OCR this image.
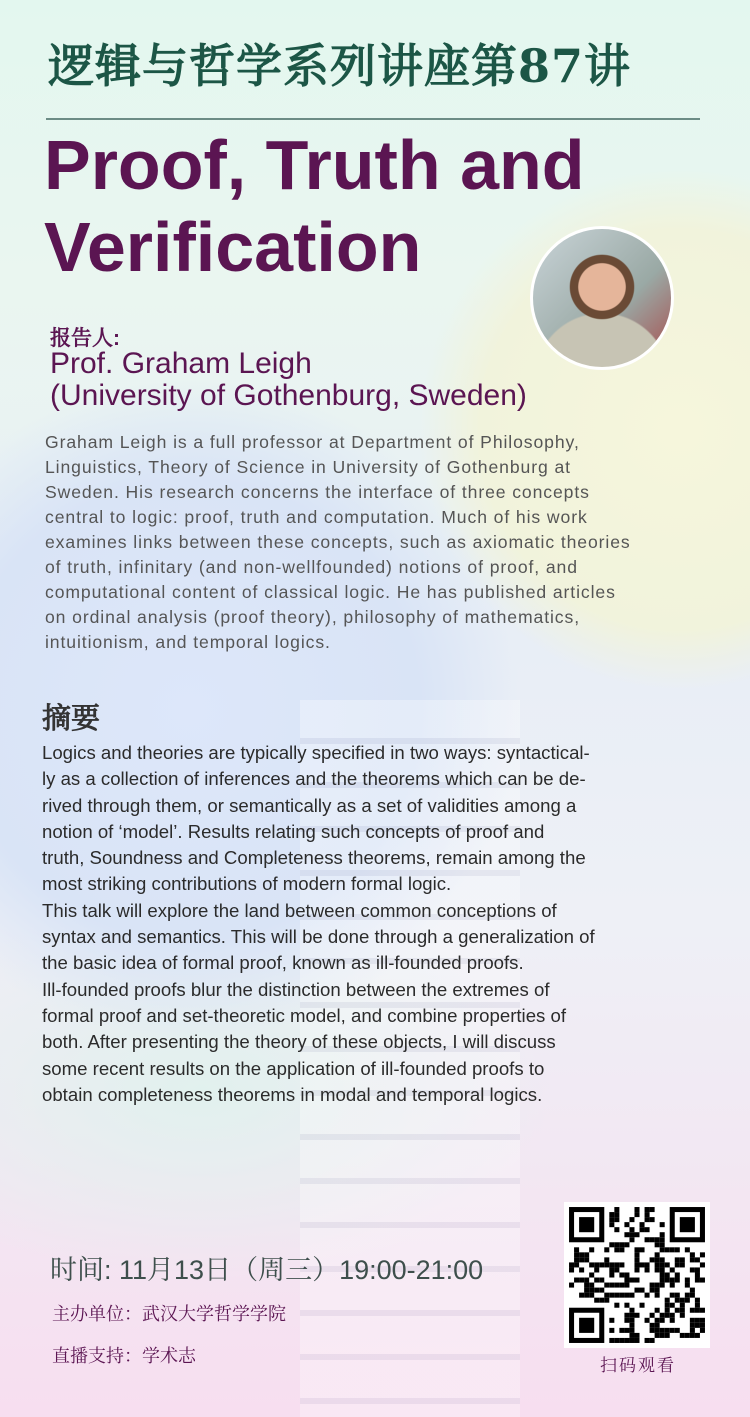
逻辑与哲学系列讲座第87讲
Proof, Truth and
Verification
报告人:
Prof. Graham Leigh
(University of Gothenburg, Sweden)
Graham Leigh is a full professor at Department of Philosophy,
Linguistics, Theory of Science in University of Gothenburg at
Sweden. His research concerns the interface of three concepts
central to logic: proof, truth and computation. Much of his work
examines links between these concepts, such as axiomatic theories
of truth, infinitary (and non-wellfounded) notions of proof, and
computational content of classical logic. He has published articles
on ordinal analysis (proof theory), philosophy of mathematics,
intuitionism, and temporal logics.
摘要
Logics and theories are typically specified in two ways: syntactical-
ly as a collection of inferences and the theorems which can be de-
rived through them, or semantically as a set of validities among a
notion of ‘model’. Results relating such concepts of proof and
truth, Soundness and Completeness theorems, remain among the
most striking contributions of modern formal logic.
This talk will explore the land between common conceptions of
syntax and semantics. This will be done through a generalization of
the basic idea of formal proof, known as ill-founded proofs.
Ill-founded proofs blur the distinction between the extremes of
formal proof and set-theoretic model, and combine properties of
both. After presenting the theory of these objects, I will discuss
some recent results on the application of ill-founded proofs to
obtain completeness theorems in modal and temporal logics.
时间: 11月13日（周三）19:00-21:00
主办单位：武汉大学哲学学院
直播支持：学术志	扫码观看
